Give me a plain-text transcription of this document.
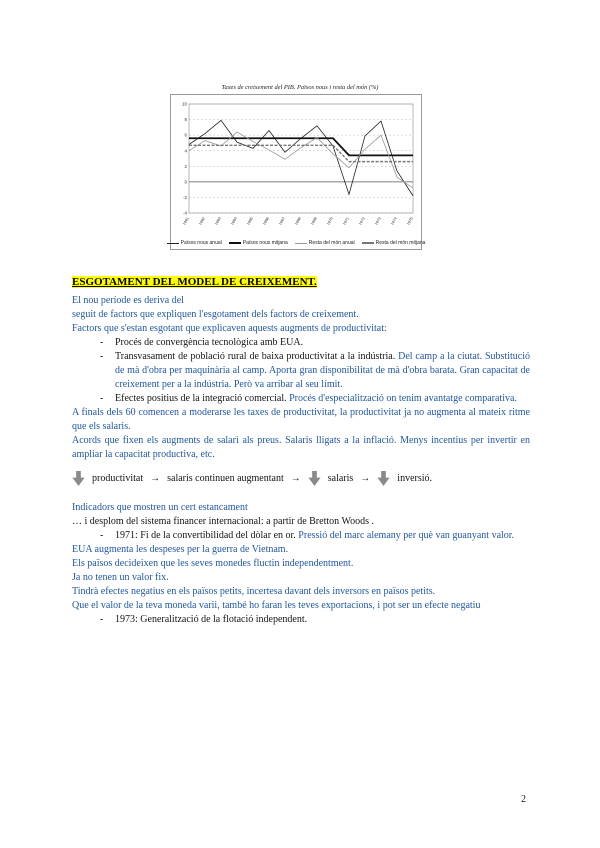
Taxes de creixement del PIB. Països nous i resta del món (%)
-4
-2
0
2
4
6
8
10
1961 1962 1963 1964 1965 1966 1967 1968 1969 1970 1971 1972 1973 1974 1975
Països nous anual	Països nous mitjana	Resta del món anual	Resta del món mitjana
ESGOTAMENT DEL MODEL DE CREIXEMENT.

El nou període es deriva del

seguit de factors que expliquen l'esgotament dels factors de creixement.

Factors que s'estan esgotant que explicaven aquests augments de productivitat:

-	Procés de convergència tecnològica amb EUA.
-	Transvasament de població rural de baixa productivitat a la indústria. Del camp a la ciutat. Substitució de mà d'obra per maquinària al camp. Aporta gran disponibilitat de mà d'obra barata. Gran capacitat de creixement per a la indústria. Però va arribar al seu límit.
-	Efectes positius de la integració comercial. Procés d'especialització on tenim avantatge comparativa.

A finals dels 60 comencen a moderarse les taxes de productivitat, la productivitat ja no augmenta al mateix ritme que els salaris.

Acords que fixen els augments de salari als preus. Salaris lligats a la inflació. Menys incentius per invertir en ampliar la capacitat productiva, etc.

productivitat → salaris continuen augmentant →	salaris →	inversió.

Indicadors que mostren un cert estancament

… i desplom del sistema financer internacional: a partir de Bretton Woods .

-	1971: Fi de la convertibilidad del dòlar en or. Pressió del marc alemany per què van guanyant valor.

EUA augmenta les despeses per la guerra de Vietnam.

Els països decideixen que les seves monedes fluctin independentment.

Ja no tenen un valor fix.

Tindrà efectes negatius en els països petits, incertesa davant dels inversors en països petits.

Que el valor de la teva moneda varii, també ho faran les teves exportacions, i pot ser un efecte negatiu

-	1973: Generalització de la flotació independent.
2
